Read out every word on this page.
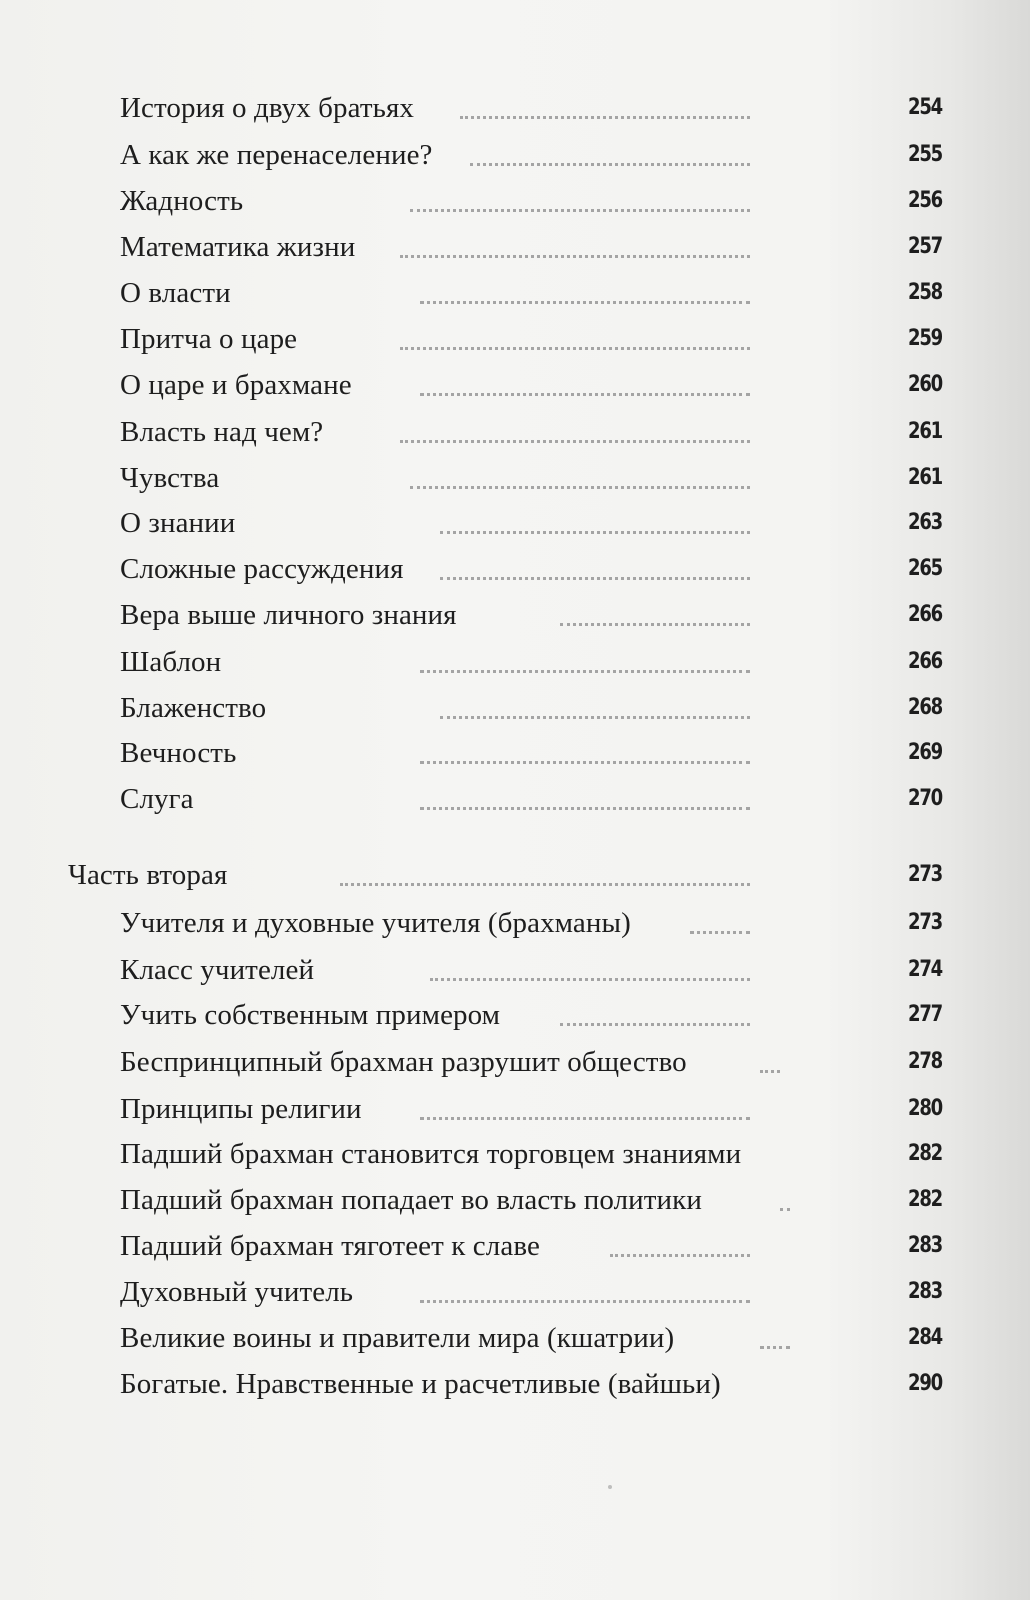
История о двух братьях	254
А как же перенаселение?	255
Жадность	256
Математика жизни	257
О власти	258
Притча о царе	259
О царе и брахмане	260
Власть над чем?	261
Чувства	261
О знании	263
Сложные рассуждения	265
Вера выше личного знания	266
Шаблон	266
Блаженство	268
Вечность	269
Слуга	270
Часть вторая	273
Учителя и духовные учителя (брахманы)	273
Класс учителей	274
Учить собственным примером	277
Беспринципный брахман разрушит общество	278
Принципы религии	280
Падший брахман становится торговцем знаниями	282
Падший брахман попадает во власть политики	282
Падший брахман тяготеет к славе	283
Духовный учитель	283
Великие воины и правители мира (кшатрии)	284
Богатые. Нравственные и расчетливые (вайшьи)	290
